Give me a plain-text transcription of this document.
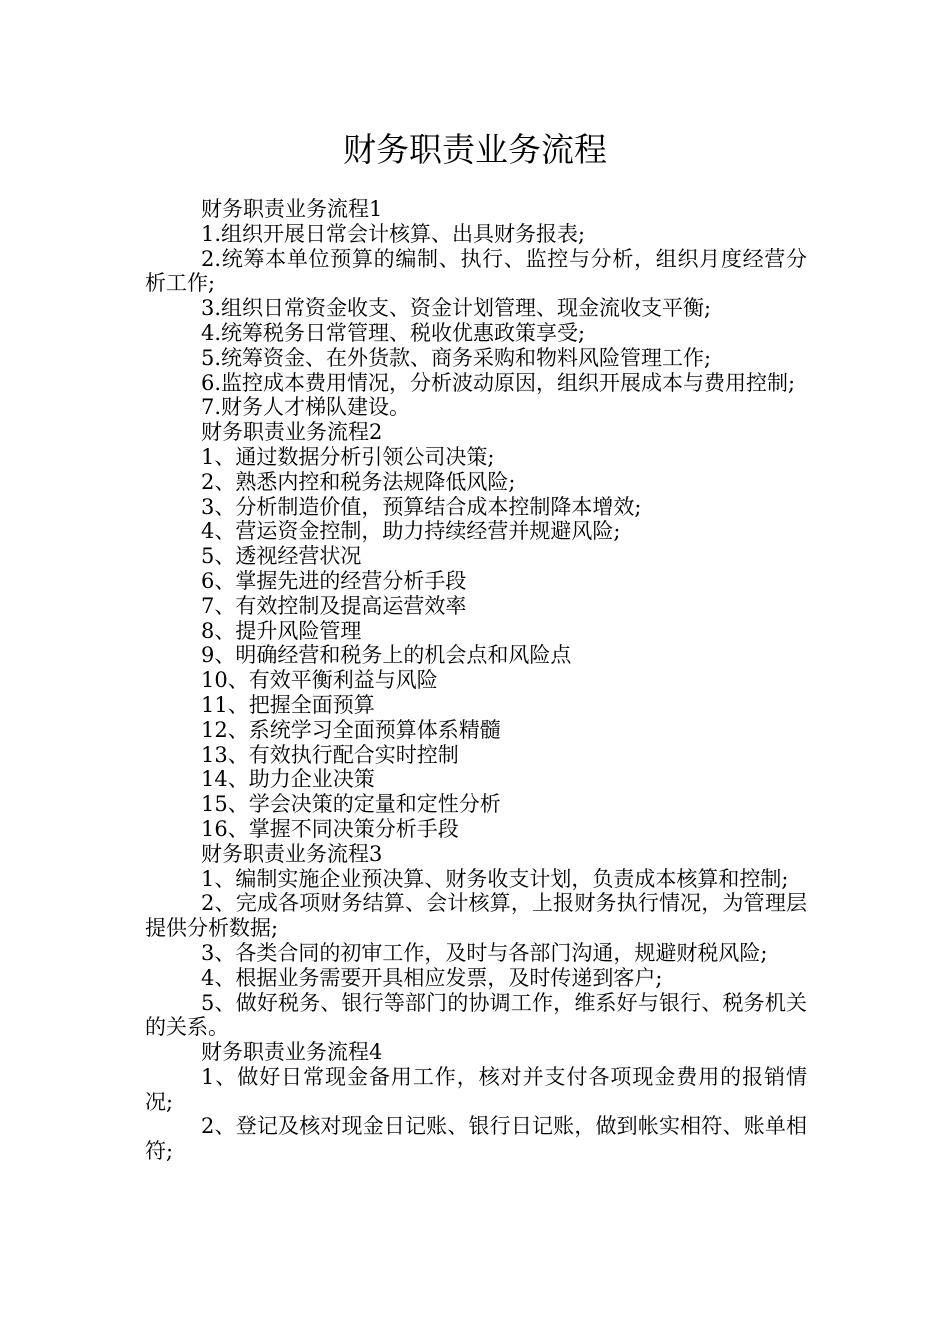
财务职责业务流程

财务职责业务流程1

1.组织开展日常会计核算、出具财务报表;

2.统筹本单位预算的编制、执行、监控与分析，组织月度经营分析工作;

3.组织日常资金收支、资金计划管理、现金流收支平衡;

4.统筹税务日常管理、税收优惠政策享受;

5.统筹资金、在外货款、商务采购和物料风险管理工作;

6.监控成本费用情况，分析波动原因，组织开展成本与费用控制;

7.财务人才梯队建设。

财务职责业务流程2

1、通过数据分析引领公司决策;

2、熟悉内控和税务法规降低风险;

3、分析制造价值，预算结合成本控制降本增效;

4、营运资金控制，助力持续经营并规避风险;

5、透视经营状况

6、掌握先进的经营分析手段

7、有效控制及提高运营效率

8、提升风险管理

9、明确经营和税务上的机会点和风险点

10、有效平衡利益与风险

11、把握全面预算

12、系统学习全面预算体系精髓

13、有效执行配合实时控制

14、助力企业决策

15、学会决策的定量和定性分析

16、掌握不同决策分析手段

财务职责业务流程3

1、编制实施企业预决算、财务收支计划，负责成本核算和控制;

2、完成各项财务结算、会计核算，上报财务执行情况，为管理层提供分析数据;

3、各类合同的初审工作，及时与各部门沟通，规避财税风险;

4、根据业务需要开具相应发票，及时传递到客户;

5、做好税务、银行等部门的协调工作，维系好与银行、税务机关的关系。

财务职责业务流程4

1、做好日常现金备用工作，核对并支付各项现金费用的报销情况;

2、登记及核对现金日记账、银行日记账，做到帐实相符、账单相符;
